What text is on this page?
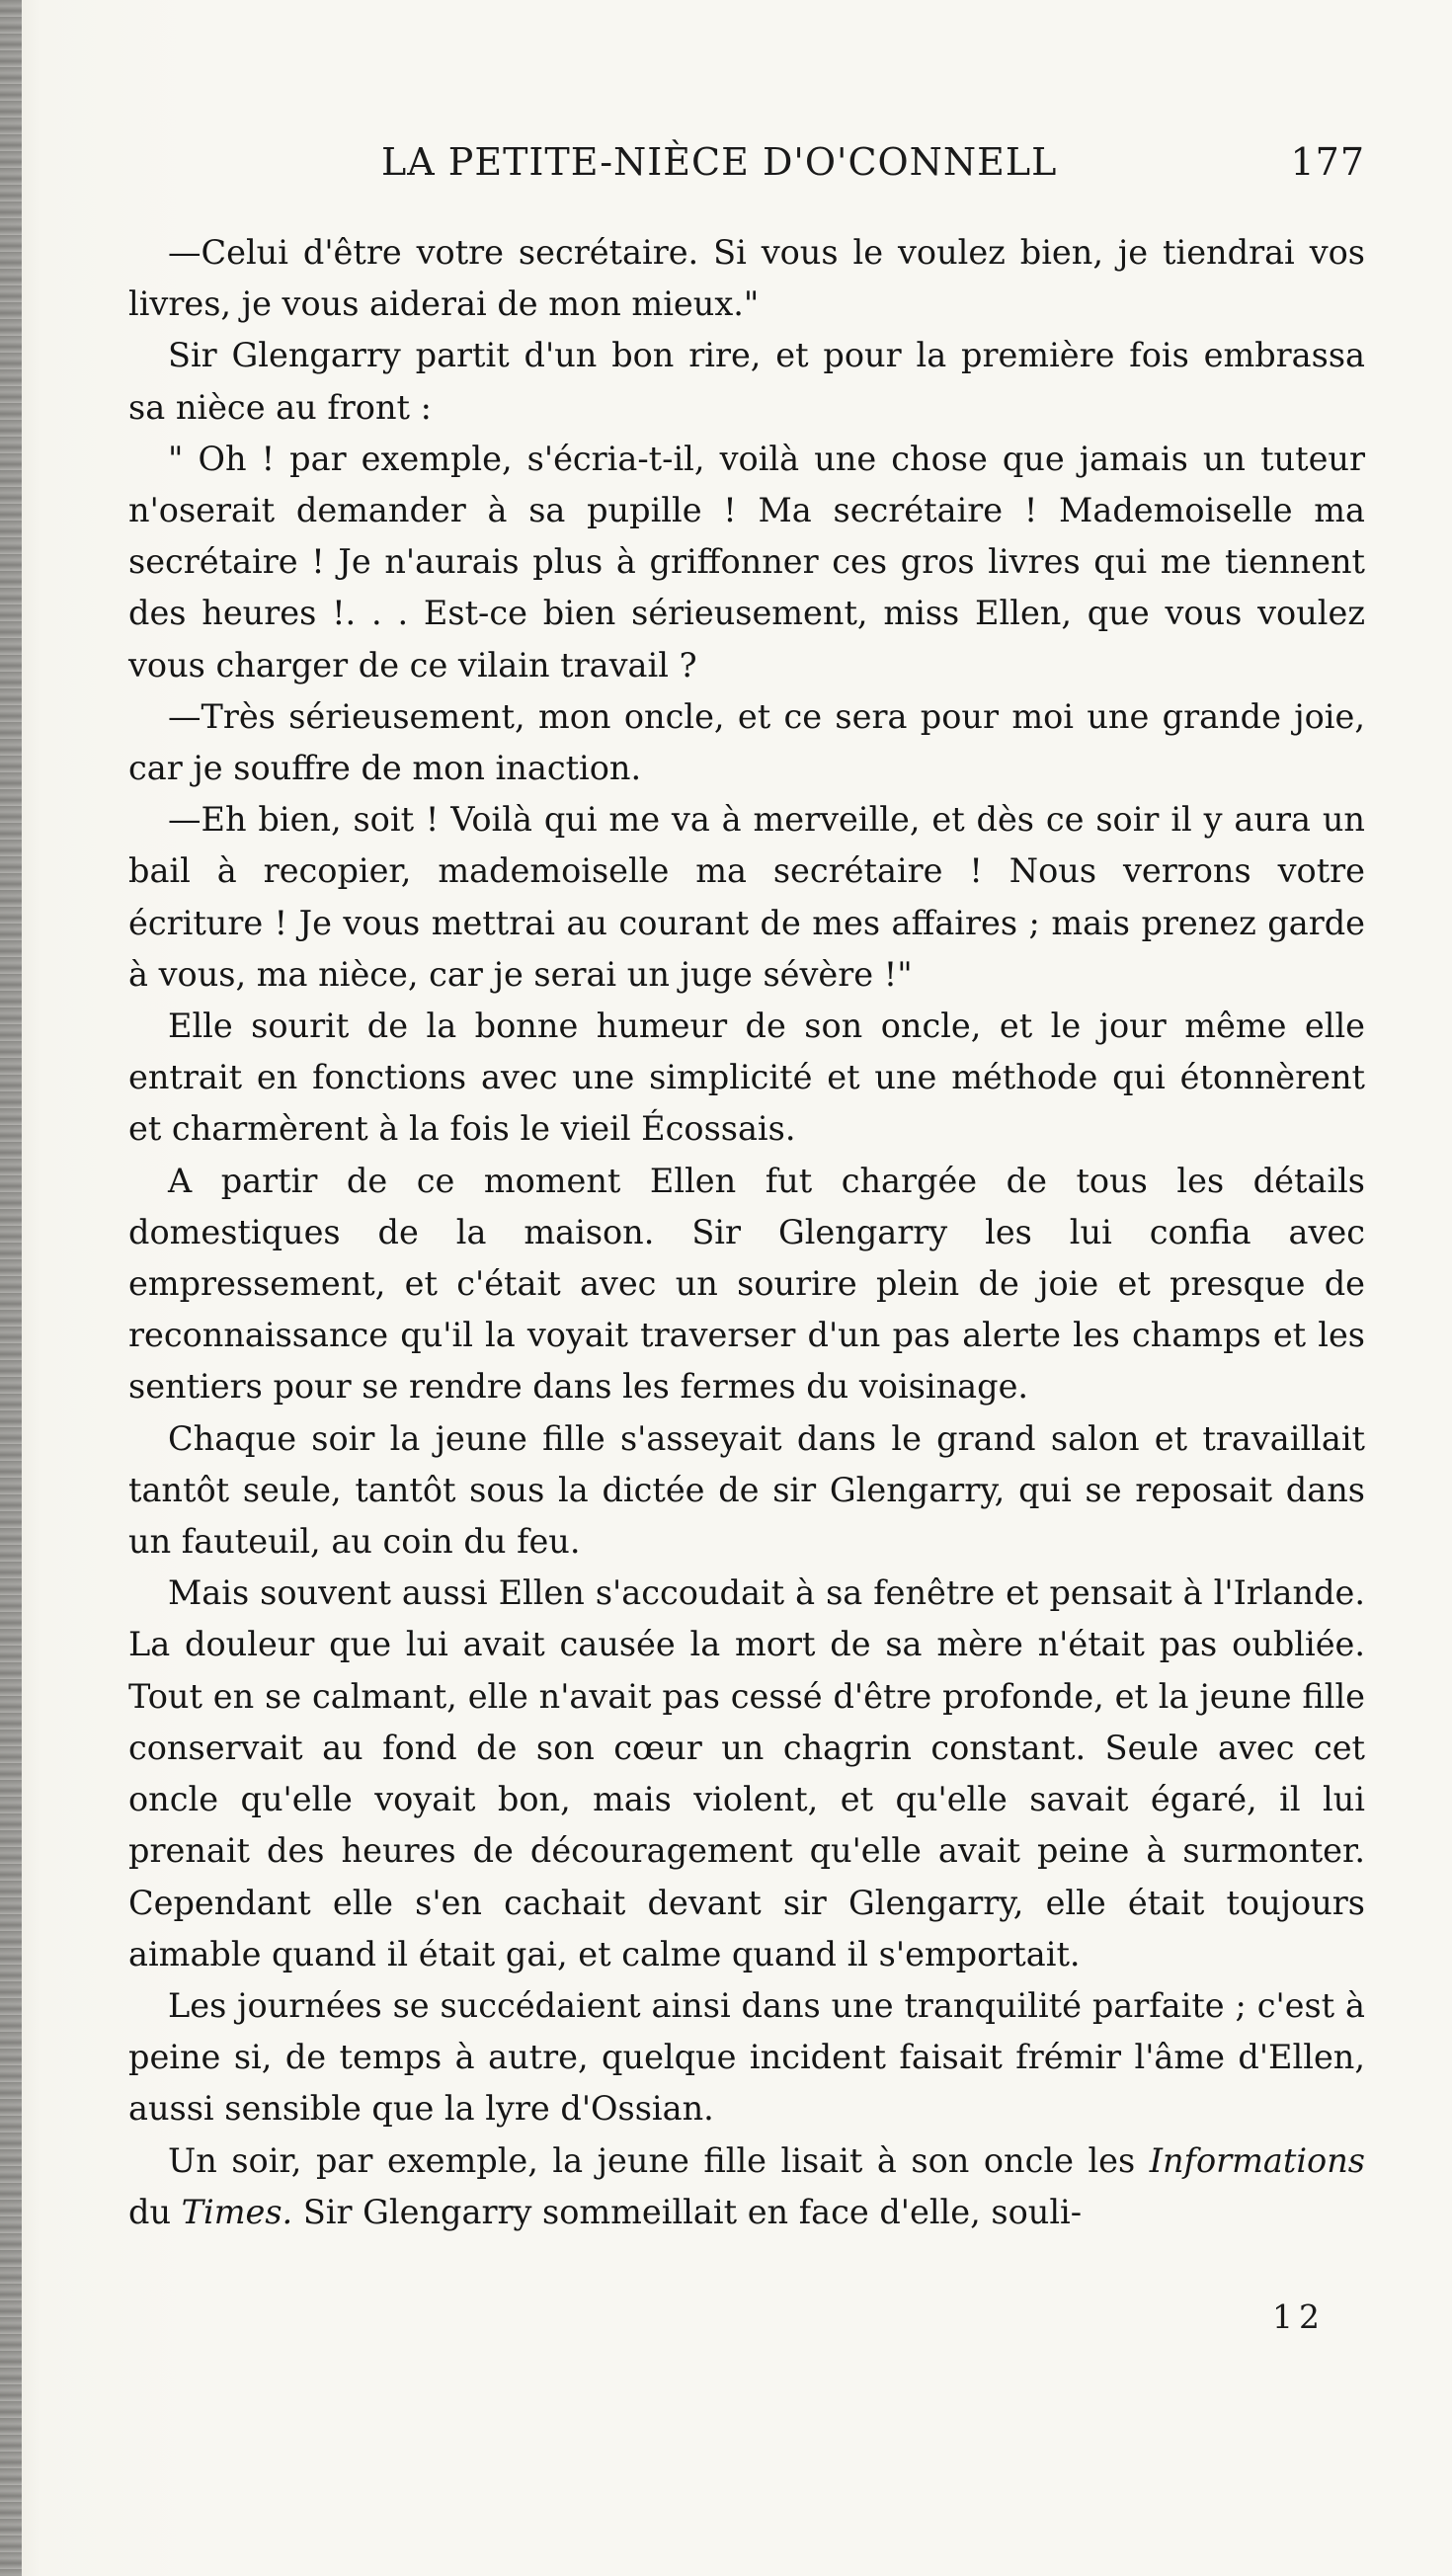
LA PETITE-NIÈCE D'O'CONNELL	177

—Celui d'être votre secrétaire. Si vous le voulez bien, je tiendrai vos livres, je vous aiderai de mon mieux."

Sir Glengarry partit d'un bon rire, et pour la première fois embrassa sa nièce au front :

" Oh ! par exemple, s'écria-t-il, voilà une chose que jamais un tuteur n'oserait demander à sa pupille ! Ma secrétaire ! Mademoiselle ma secrétaire ! Je n'aurais plus à griffonner ces gros livres qui me tiennent des heures !. . . Est-ce bien sérieusement, miss Ellen, que vous voulez vous charger de ce vilain travail ?

—Très sérieusement, mon oncle, et ce sera pour moi une grande joie, car je souffre de mon inaction.

—Eh bien, soit ! Voilà qui me va à merveille, et dès ce soir il y aura un bail à recopier, mademoiselle ma secrétaire ! Nous verrons votre écriture ! Je vous mettrai au courant de mes affaires ; mais prenez garde à vous, ma nièce, car je serai un juge sévère !"

Elle sourit de la bonne humeur de son oncle, et le jour même elle entrait en fonctions avec une simplicité et une méthode qui étonnèrent et charmèrent à la fois le vieil Écossais.

A partir de ce moment Ellen fut chargée de tous les détails domestiques de la maison. Sir Glengarry les lui confia avec empressement, et c'était avec un sourire plein de joie et presque de reconnaissance qu'il la voyait traverser d'un pas alerte les champs et les sentiers pour se rendre dans les fermes du voisinage.

Chaque soir la jeune fille s'asseyait dans le grand salon et travaillait tantôt seule, tantôt sous la dictée de sir Glengarry, qui se reposait dans un fauteuil, au coin du feu.

Mais souvent aussi Ellen s'accoudait à sa fenêtre et pensait à l'Irlande. La douleur que lui avait causée la mort de sa mère n'était pas oubliée. Tout en se calmant, elle n'avait pas cessé d'être profonde, et la jeune fille conservait au fond de son cœur un chagrin constant. Seule avec cet oncle qu'elle voyait bon, mais violent, et qu'elle savait égaré, il lui prenait des heures de découragement qu'elle avait peine à surmonter. Cependant elle s'en cachait devant sir Glengarry, elle était toujours aimable quand il était gai, et calme quand il s'emportait.

Les journées se succédaient ainsi dans une tranquilité parfaite ; c'est à peine si, de temps à autre, quelque incident faisait frémir l'âme d'Ellen, aussi sensible que la lyre d'Ossian.

Un soir, par exemple, la jeune fille lisait à son oncle les Informations du Times. Sir Glengarry sommeillait en face d'elle, souli-

12
